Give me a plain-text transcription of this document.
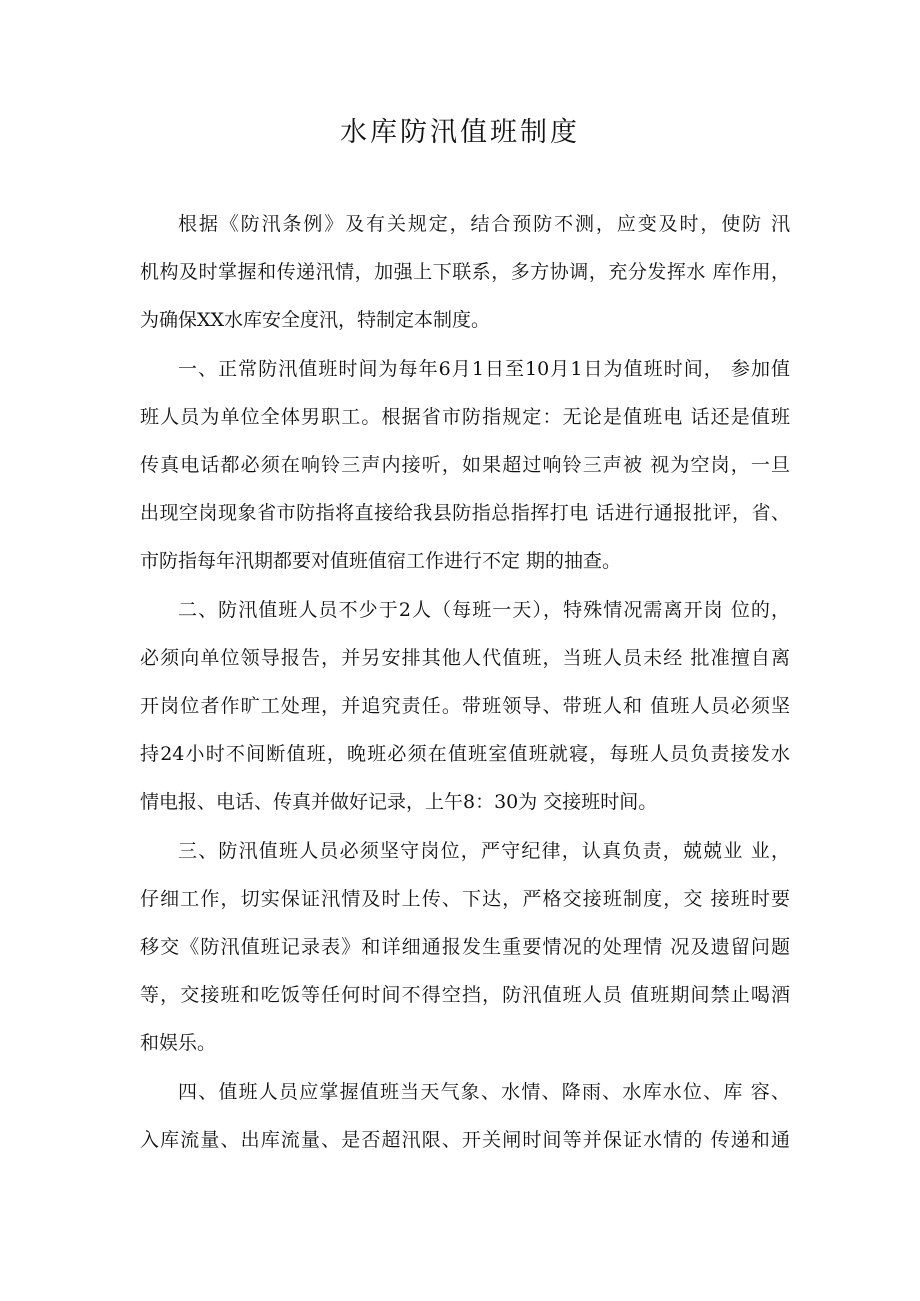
水库防汛值班制度
根据《防汛条例》及有关规定，结合预防不测，应变及时，使防 汛
机构及时掌握和传递汛情，加强上下联系，多方协调，充分发挥水 库作用，
为确保XX水库安全度汛，特制定本制度。
一、正常防汛值班时间为每年6月1日至10月1日为值班时间， 参加值
班人员为单位全体男职工。根据省市防指规定：无论是值班电 话还是值班
传真电话都必须在响铃三声内接听，如果超过响铃三声被 视为空岗，一旦
出现空岗现象省市防指将直接给我县防指总指挥打电 话进行通报批评，省、
市防指每年汛期都要对值班值宿工作进行不定 期的抽查。
二、防汛值班人员不少于2人（每班一天），特殊情况需离开岗 位的，
必须向单位领导报告，并另安排其他人代值班，当班人员未经 批准擅自离
开岗位者作旷工处理，并追究责任。带班领导、带班人和 值班人员必须坚
持24小时不间断值班，晚班必须在值班室值班就寝，每班人员负责接发水
情电报、电话、传真并做好记录，上午8：30为 交接班时间。
三、防汛值班人员必须坚守岗位，严守纪律，认真负责，兢兢业 业，
仔细工作，切实保证汛情及时上传、下达，严格交接班制度，交 接班时要
移交《防汛值班记录表》和详细通报发生重要情况的处理情 况及遗留问题
等，交接班和吃饭等任何时间不得空挡，防汛值班人员 值班期间禁止喝酒
和娱乐。
四、值班人员应掌握值班当天气象、水情、降雨、水库水位、库 容、
入库流量、出库流量、是否超汛限、开关闸时间等并保证水情的 传递和通
